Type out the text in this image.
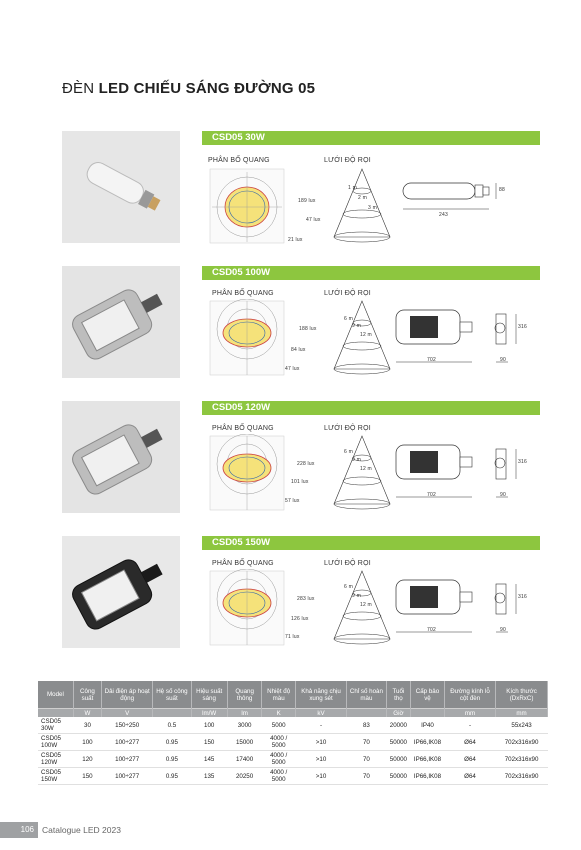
ĐÈN LED CHIẾU SÁNG ĐƯỜNG 05
CSD05 30W
PHÂN BỐ QUANG	LƯỚI ĐỘ RỌI
189 lux
47 lux
21 lux
1 m
2 m
3 m
243
88
CSD05 100W
PHÂN BỐ QUANG	LƯỚI ĐỘ RỌI
188 lux
84 lux
47 lux
6 m
9 m
12 m
702
316
90
CSD05 120W
PHÂN BỐ QUANG	LƯỚI ĐỘ RỌI
228 lux
101 lux
57 lux
6 m
9 m
12 m
702
316
90
CSD05 150W
PHÂN BỐ QUANG	LƯỚI ĐỘ RỌI
283 lux
126 lux
71 lux
6 m
9 m
12 m
702
316
90
Model	Công suất	Dải điện áp hoạt động	Hệ số công suất	Hiệu suất sáng	Quang thông	Nhiệt độ màu	Khả năng chịu xung sét	Chỉ số hoàn màu	Tuổi thọ	Cấp bảo vệ	Đường kính lỗ cột đèn	Kích thước (DxRxC)
	W	V		lm/W	lm	K	kV		Giờ		mm	mm
CSD05 30W	30	150÷250	0.5	100	3000	5000	-	83	20000	IP40	-	55x243
CSD05 100W	100	100÷277	0.95	150	15000	4000 / 5000	>10	70	50000	IP66,IK08	Ø64	702x316x90
CSD05 120W	120	100÷277	0.95	145	17400	4000 / 5000	>10	70	50000	IP66,IK08	Ø64	702x316x90
CSD05 150W	150	100÷277	0.95	135	20250	4000 / 5000	>10	70	50000	IP66,IK08	Ø64	702x316x90
106 Catalogue LED 2023
